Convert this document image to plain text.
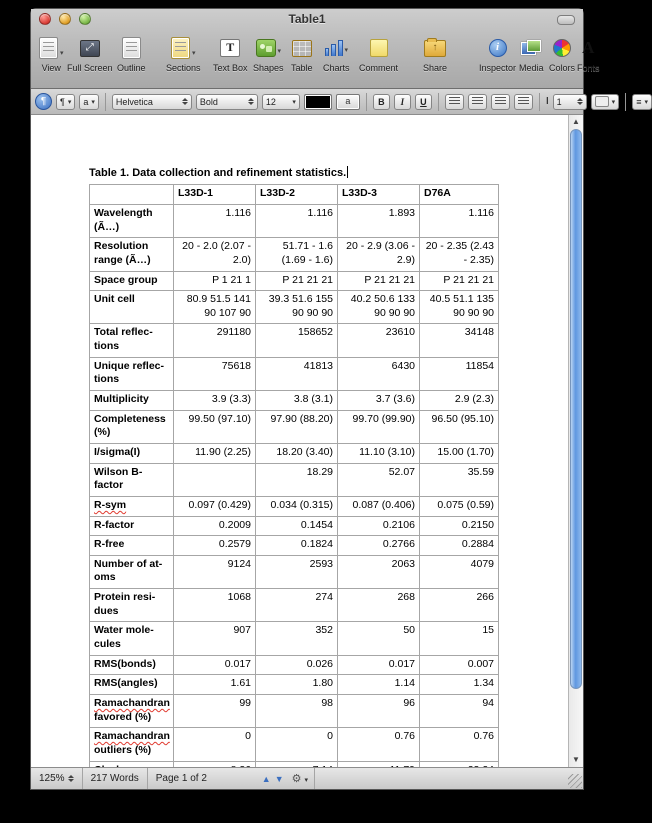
Table1
▾
View
⤢
Full Screen Outline
▾
Sections
T
Text Box
▾
Shapes Table
▾
Charts Comment
↑
Share
i
Inspector Media Colors
A
Fonts
¶	¶ ▾ a ▾ Helvetica	Bold	12 ▾	a	B	I	U	Ι 1	▾ ≡ ▾
Table 1. Data collection and refinement statistics.
	L33D-1	L33D-2	L33D-3	D76A
Wavelength (Ã…)	1.116	1.116	1.893	1.116
Resolution range (Ã…)	20 - 2.0 (2.07 - 2.0)	51.71 - 1.6 (1.69 - 1.6)	20 - 2.9 (3.06 - 2.9)	20 - 2.35 (2.43 - 2.35)
Space group	P 1 21 1	P 21 21 21	P 21 21 21	P 21 21 21
Unit cell	80.9 51.5 141 90 107 90	39.3 51.6 155 90 90 90	40.2 50.6 133 90 90 90	40.5 51.1 135 90 90 90
Total reflec-tions	291180	158652	23610	34148
Unique reflec-tions	75618	41813	6430	11854
Multiplicity	3.9 (3.3)	3.8 (3.1)	3.7 (3.6)	2.9 (2.3)
Completeness (%)	99.50 (97.10)	97.90 (88.20)	99.70 (99.90)	96.50 (95.10)
I/sigma(I)	11.90 (2.25)	18.20 (3.40)	11.10 (3.10)	15.00 (1.70)
Wilson B-factor		18.29	52.07	35.59
R-sym	0.097 (0.429)	0.034 (0.315)	0.087 (0.406)	0.075 (0.59)
R-factor	0.2009	0.1454	0.2106	0.2150
R-free	0.2579	0.1824	0.2766	0.2884
Number of at-oms	9124	2593	2063	4079
Protein resi-dues	1068	274	268	266
Water mole-cules	907	352	50	15
RMS(bonds)	0.017	0.026	0.017	0.007
RMS(angles)	1.61	1.80	1.14	1.34
Ramachandran favored (%)	99	98	96	94
Ramachandran outliers (%)	0	0	0.76	0.76

▲
▼
125%	217 Words	Page 1 of 2	▲ ▼ ⚙ ▾
